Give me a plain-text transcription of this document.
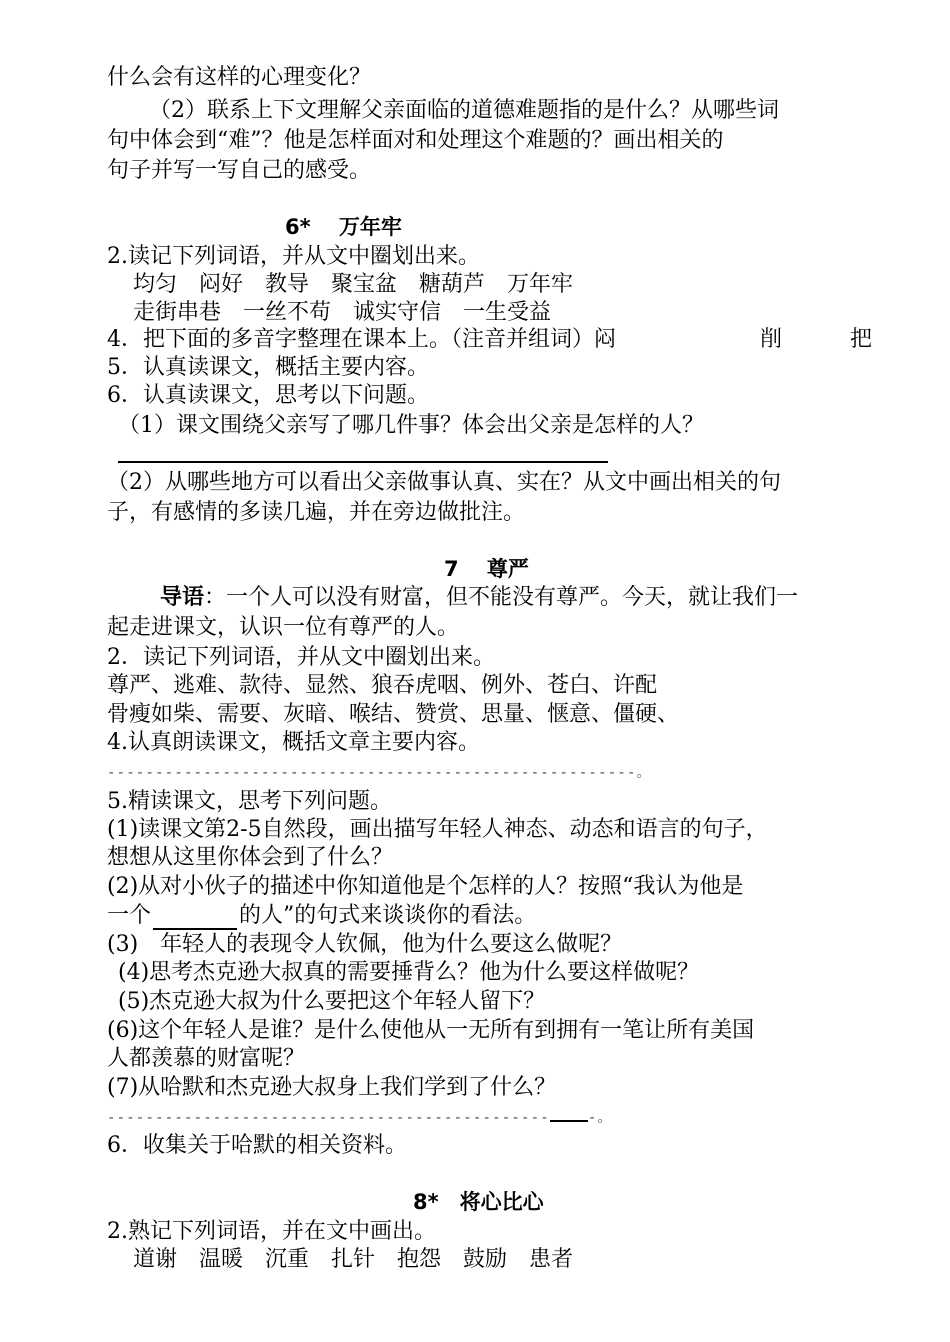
什么会有这样的心理变化？
（2）联系上下文理解父亲面临的道德难题指的是什么？从哪些词
句中体会到“难”？他是怎样面对和处理这个难题的？画出相关的
句子并写一写自己的感受。
6*　 万年牢
2.读记下列词语，并从文中圈划出来。
均匀　闷好　教导　聚宝盆　糖葫芦　万年牢
走街串巷　一丝不苟　诚实守信　一生受益
4．把下面的多音字整理在课本上。（注音并组词）闷	削	把
5．认真读课文，概括主要内容。
6．认真读课文，思考以下问题。
（1）课文围绕父亲写了哪几件事？体会出父亲是怎样的人？
（2）从哪些地方可以看出父亲做事认真、实在？从文中画出相关的句
子，有感情的多读几遍，并在旁边做批注。
7　 尊严
导语：一个人可以没有财富，但不能没有尊严。今天，就让我们一
起走进课文，认识一位有尊严的人。
2．读记下列词语，并从文中圈划出来。
尊严、逃难、款待、显然、狼吞虎咽、例外、苍白、许配
骨瘦如柴、需要、灰暗、喉结、赞赏、思量、惬意、僵硬、
4.认真朗读课文，概括文章主要内容。
-------------------------------------------------------。
5.精读课文，思考下列问题。
(1)读课文第2-5自然段，画出描写年轻人神态、动态和语言的句子，
想想从这里你体会到了什么？
(2)从对小伙子的描述中你知道他是个怎样的人？按照“我认为他是
一个	的人”的句式来谈谈你的看法。
(3)　年轻人的表现令人钦佩，他为什么要这么做呢？
(4)思考杰克逊大叔真的需要捶背么？他为什么要这样做呢？
(5)杰克逊大叔为什么要把这个年轻人留下？
(6)这个年轻人是谁？是什么使他从一无所有到拥有一笔让所有美国
人都羡慕的财富呢？
(7)从哈默和杰克逊大叔身上我们学到了什么？
----------------------------------------------	-。
6．收集关于哈默的相关资料。
8*　将心比心
2.熟记下列词语，并在文中画出。
道谢　温暖　沉重　扎针　抱怨　鼓励　患者
